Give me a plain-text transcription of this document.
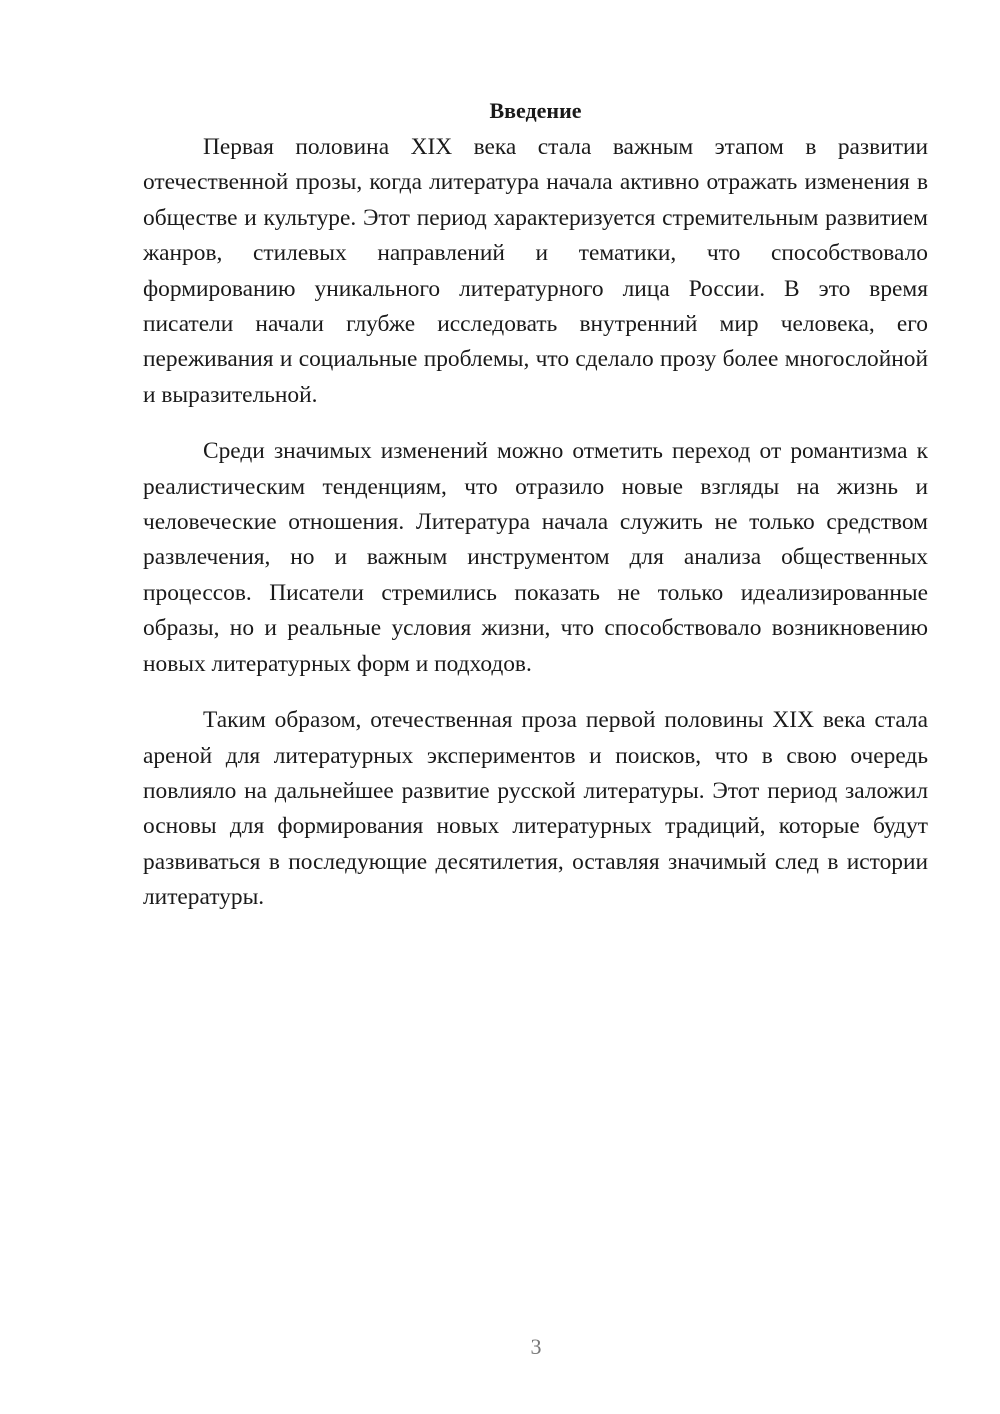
Введение

Первая половина XIX века стала важным этапом в развитии отечественной прозы, когда литература начала активно отражать изменения в обществе и культуре. Этот период характеризуется стремительным развитием жанров, стилевых направлений и тематики, что способствовало формированию уникального литературного лица России. В это время писатели начали глубже исследовать внутренний мир человека, его переживания и социальные проблемы, что сделало прозу более многослойной и выразительной.

Среди значимых изменений можно отметить переход от романтизма к реалистическим тенденциям, что отразило новые взгляды на жизнь и человеческие отношения. Литература начала служить не только средством развлечения, но и важным инструментом для анализа общественных процессов. Писатели стремились показать не только идеализированные образы, но и реальные условия жизни, что способствовало возникновению новых литературных форм и подходов.

Таким образом, отечественная проза первой половины XIX века стала ареной для литературных экспериментов и поисков, что в свою очередь повлияло на дальнейшее развитие русской литературы. Этот период заложил основы для формирования новых литературных традиций, которые будут развиваться в последующие десятилетия, оставляя значимый след в истории литературы.

3
